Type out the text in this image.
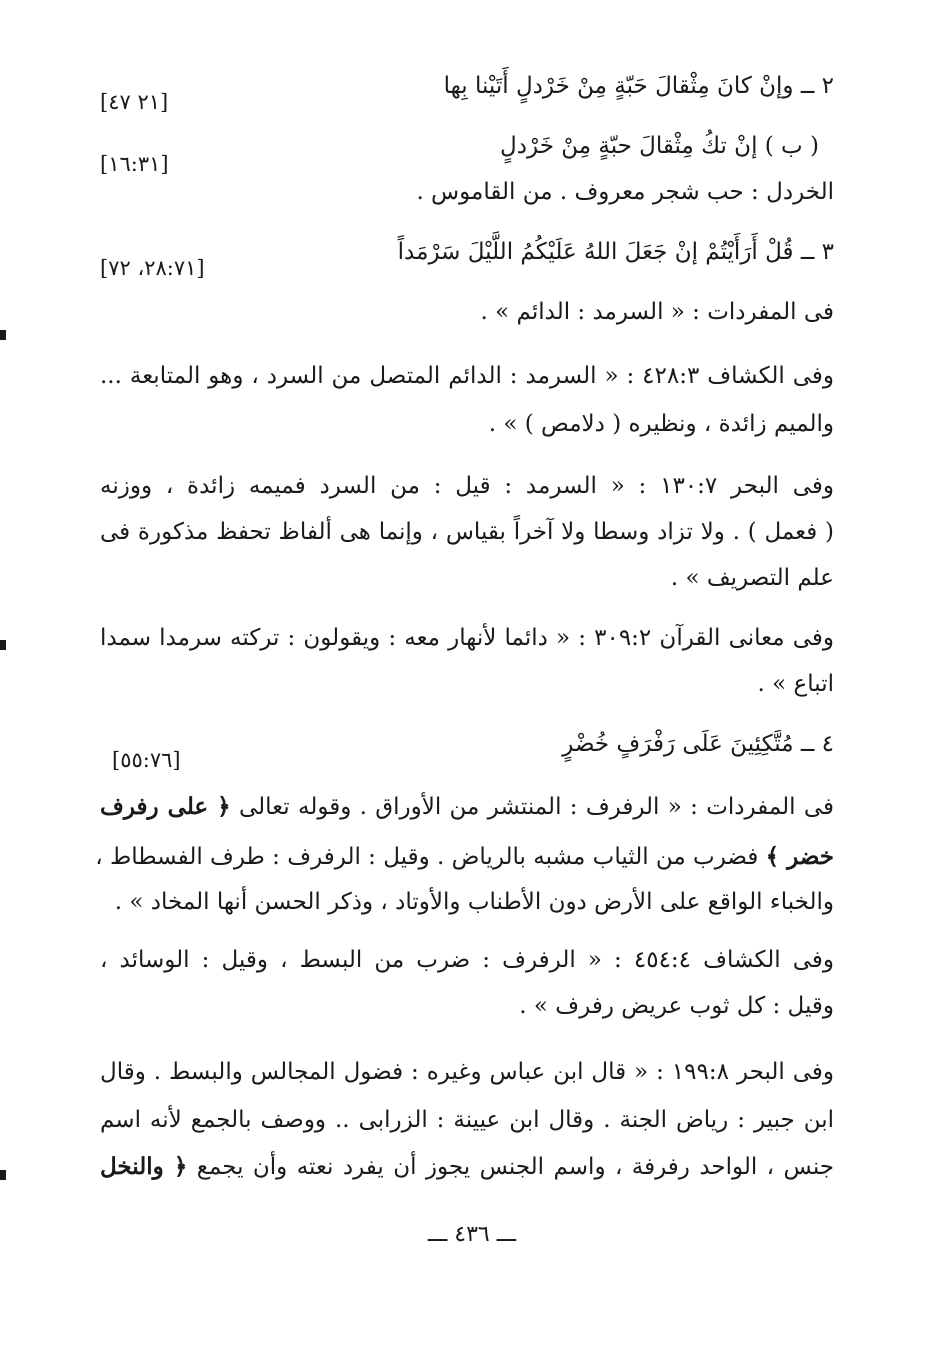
٢ ــ وإنْ كانَ مِثْقالَ حَبّةٍ مِنْ خَرْدلٍ أَتَيْنا بِها
[٢١ ٤٧]
( ب ) إنْ تكُ مِثْقالَ حبّةٍ مِنْ خَرْدلٍ
[١٦:٣١]
الخردل : حب شجر معروف . من القاموس .
٣ ــ قُلْ أَرَأَيْتُمْ إنْ جَعَلَ اللهُ عَلَيْكُمُ اللَّيْلَ سَرْمَداً
[٢٨:٧١، ٧٢]
فى المفردات : « السرمد : الدائم » .
وفى الكشاف ٤٢٨:٣ : « السرمد : الدائم المتصل من السرد ، وهو المتابعة ...
والميم زائدة ، ونظيره ( دلامص ) » .
وفى البحر ١٣٠:٧ : « السرمد : قيل : من السرد فميمه زائدة ، ووزنه
( فعمل ) . ولا تزاد وسطا ولا آخراً بقياس ، وإنما هى ألفاظ تحفظ مذكورة فى
علم التصريف » .
وفى معانى القرآن ٣٠٩:٢ : « دائما لأنهار معه : ويقولون : تركته سرمدا سمدا
اتباع » .
٤ ــ مُتَّكِئِينَ عَلَى رَفْرَفٍ خُضْرٍ
[٥٥:٧٦]
فى المفردات : « الرفرف : المنتشر من الأوراق . وقوله تعالى ﴿ على رفرف
خضر ﴾ فضرب من الثياب مشبه بالرياض . وقيل : الرفرف : طرف الفسطاط ،
والخباء الواقع على الأرض دون الأطناب والأوتاد ، وذكر الحسن أنها المخاد » .
وفى الكشاف ٤٥٤:٤ : « الرفرف : ضرب من البسط ، وقيل : الوسائد ،
وقيل : كل ثوب عريض رفرف » .
وفى البحر ١٩٩:٨ : « قال ابن عباس وغيره : فضول المجالس والبسط . وقال
ابن جبير : رياض الجنة . وقال ابن عيينة : الزرابى .. ووصف بالجمع لأنه اسم
جنس ، الواحد رفرفة ، واسم الجنس يجوز أن يفرد نعته وأن يجمع ﴿ والنخل
ـــ ٤٣٦ ـــ
